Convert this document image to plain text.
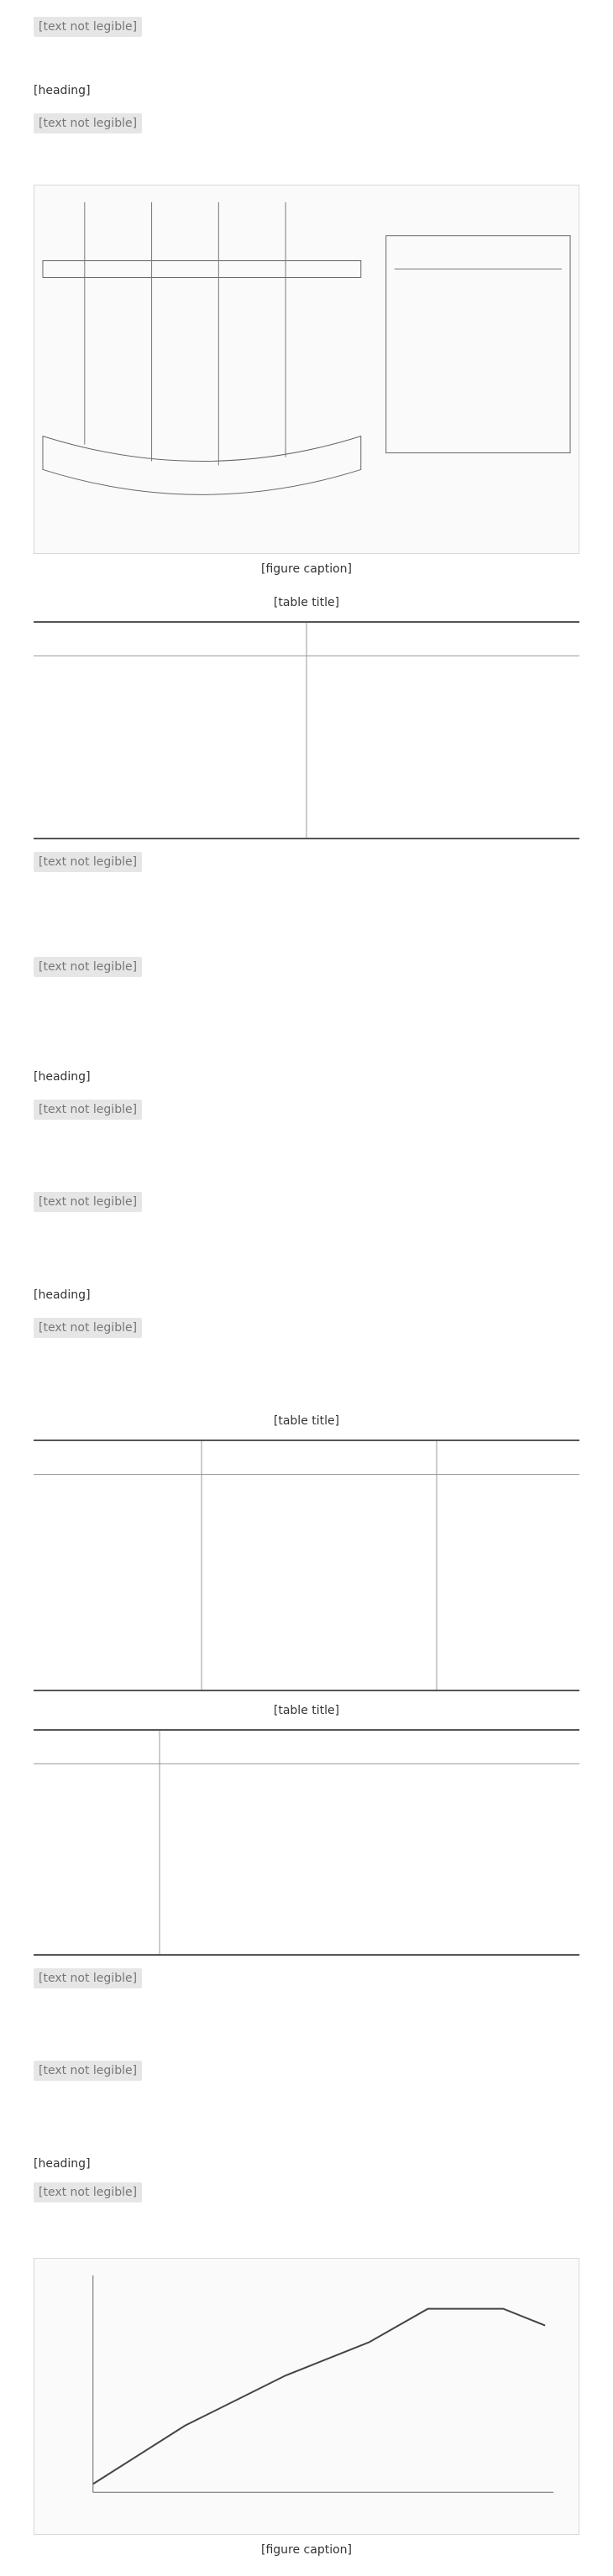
[text not legible]
[heading]
[text not legible]
[figure caption]
[table title]
[text not legible]
[text not legible]
[heading]
[text not legible]
[text not legible]
[heading]
[text not legible]
[table title]
[table title]
[text not legible]
[text not legible]
[heading]
[text not legible]
[figure caption]
